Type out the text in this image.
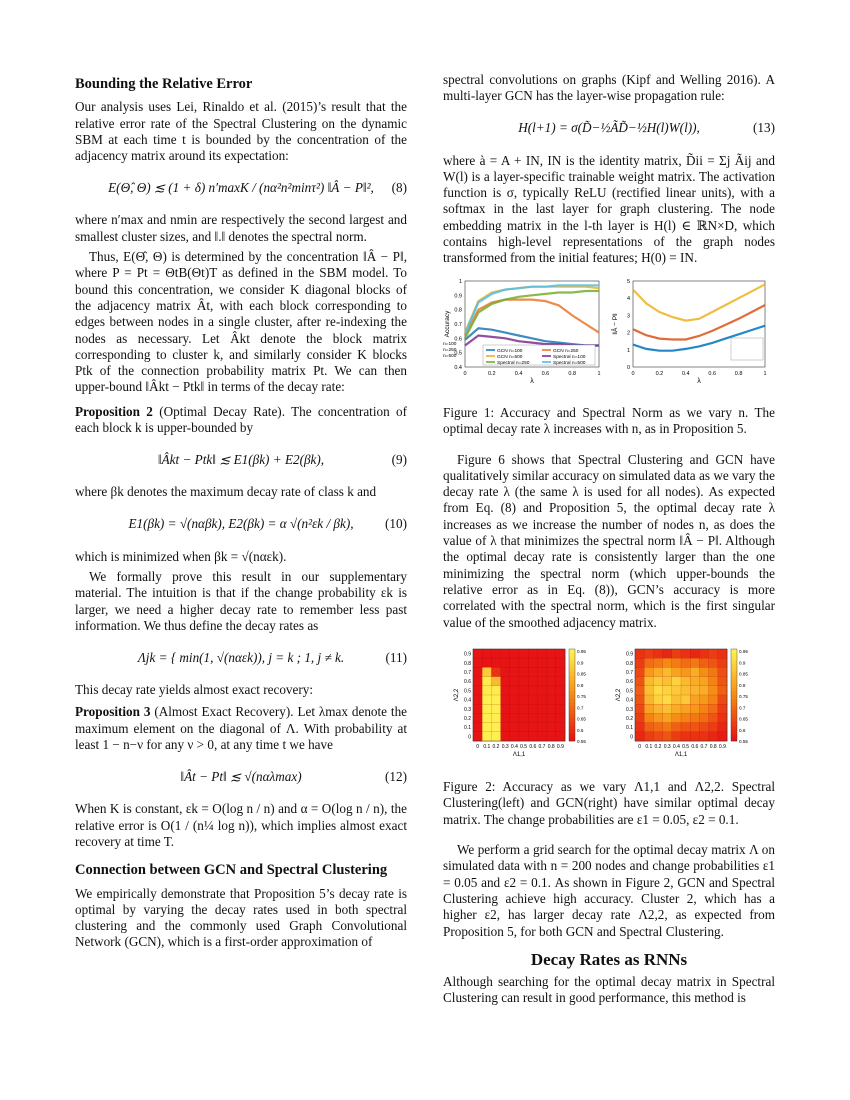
Bounding the Relative Error

Our analysis uses Lei, Rinaldo et al. (2015)’s result that the relative error rate of the Spectral Clustering on the dynamic SBM at each time t is bounded by the concentration of the adjacency matrix around its expectation:

E(Θ̂, Θ) ≲ (1 + δ) n′maxK / (nα²n²minτ²) ‖Â − P‖², (8)

where n′max and nmin are respectively the second largest and smallest cluster sizes, and ‖.‖ denotes the spectral norm.

Thus, E(Θ̂, Θ) is determined by the concentration ‖Â − P‖, where P = Pt = ΘtB(Θt)T as defined in the SBM model. To bound this concentration, we consider K diagonal blocks of the adjacency matrix Ât, with each block corresponding to edges between nodes in a single cluster, after re-indexing the nodes as necessary. Let Âkt denote the block matrix corresponding to cluster k, and similarly consider K blocks Ptk of the connection probability matrix Pt. We can then upper-bound ‖Âkt − Ptk‖ in terms of the decay rate:

Proposition 2 (Optimal Decay Rate). The concentration of each block k is upper-bounded by

‖Âkt − Ptk‖ ≲ E1(βk) + E2(βk),	(9)

where βk denotes the maximum decay rate of class k and

E1(βk) = √(nαβk), E2(βk) = α √(n²εk / βk), (10)

which is minimized when βk = √(nαεk).

We formally prove this result in our supplementary material. The intuition is that if the change probability εk is larger, we need a higher decay rate to remember less past information. We thus define the decay rates as

Λjk = { min(1, √(nαεk)), j = k ; 1, j ≠ k.	(11)

This decay rate yields almost exact recovery:

Proposition 3 (Almost Exact Recovery). Let λmax denote the maximum element on the diagonal of Λ. With probability at least 1 − n−ν for any ν > 0, at any time t we have

‖Ât − Pt‖ ≲ √(nαλmax)	(12)

When K is constant, εk = O(log n / n) and α = O(log n / n), the relative error is O(1 / (n¼ log n)), which implies almost exact recovery at time T.

Connection between GCN and Spectral Clustering

We empirically demonstrate that Proposition 5’s decay rate is optimal by varying the decay rates used in both spectral clustering and the commonly used Graph Convolutional Network (GCN), which is a first-order approximation of

spectral convolutions on graphs (Kipf and Welling 2016). A multi-layer GCN has the layer-wise propagation rule:

H(l+1) = σ(D̃−½ÃD̃−½H(l)W(l)),	(13)

where à = A + IN, IN is the identity matrix, D̃ii = Σj Ãij and W(l) is a layer-specific trainable weight matrix. The activation function is σ, typically ReLU (rectified linear units), with a softmax in the last layer for graph clustering. The node embedding matrix in the l-th layer is H(l) ∈ ℝN×D, which contains high-level representations of the graph nodes transformed from the initial features; H(0) = IN.

0	0.2	0.4	0.6	0.8	1
0.4
0.5
0.6
0.7
0.8
0.9
1
λ
Accuracy
GCN n=100	GCN n=250
GCN n=500	Spectral n=100
Spectral n=250	Spectral n=500
0	0.2	0.4	0.6	0.8	1
0
1
2
3
4
5
λ
‖Â − P‖
n=100
n=250
n=500

Figure 1: Accuracy and Spectral Norm as we vary n. The optimal decay rate λ increases with n, as in Proposition 5.

Figure 6 shows that Spectral Clustering and GCN have qualitatively similar accuracy on simulated data as we vary the decay rate λ (the same λ is used for all nodes). As expected from Eq. (8) and Proposition 5, the optimal decay rate λ increases as we increase the number of nodes n, as does the value of λ that minimizes the spectral norm ‖Â − P‖. Although the optimal decay rate is consistently larger than the one minimizing the spectral norm (which upper-bounds the relative error as in Eq. (8)), GCN’s accuracy is more correlated with the spectral norm, which is the first singular value of the smoothed adjacency matrix.

0 0.1 0.2 0.3 0.4 0.5 0.6 0.7 0.8 0.9
0
0.1
0.2
0.3
0.4
0.5
0.6
0.7
0.8
0.9
Λ1,1
Λ2,2
0.55
0.6
0.65
0.7
0.75
0.8
0.85
0.9
0.95
0 0.1 0.2 0.3 0.4 0.5 0.6 0.7 0.8 0.9
0
0.1
0.2
0.3
0.4
0.5
0.6
0.7
0.8
0.9
Λ1,1
Λ2,2
0.55
0.6
0.65
0.7
0.75
0.8
0.85
0.9
0.95

Figure 2: Accuracy as we vary Λ1,1 and Λ2,2. Spectral Clustering(left) and GCN(right) have similar optimal decay matrix. The change probabilities are ε1 = 0.05, ε2 = 0.1.

We perform a grid search for the optimal decay matrix Λ on simulated data with n = 200 nodes and change probabilities ε1 = 0.05 and ε2 = 0.1. As shown in Figure 2, GCN and Spectral Clustering achieve high accuracy. Cluster 2, which has a higher ε2, has larger decay rate Λ2,2, as expected from Proposition 5, for both GCN and Spectral Clustering.

Decay Rates as RNNs

Although searching for the optimal decay matrix in Spectral Clustering can result in good performance, this method is
